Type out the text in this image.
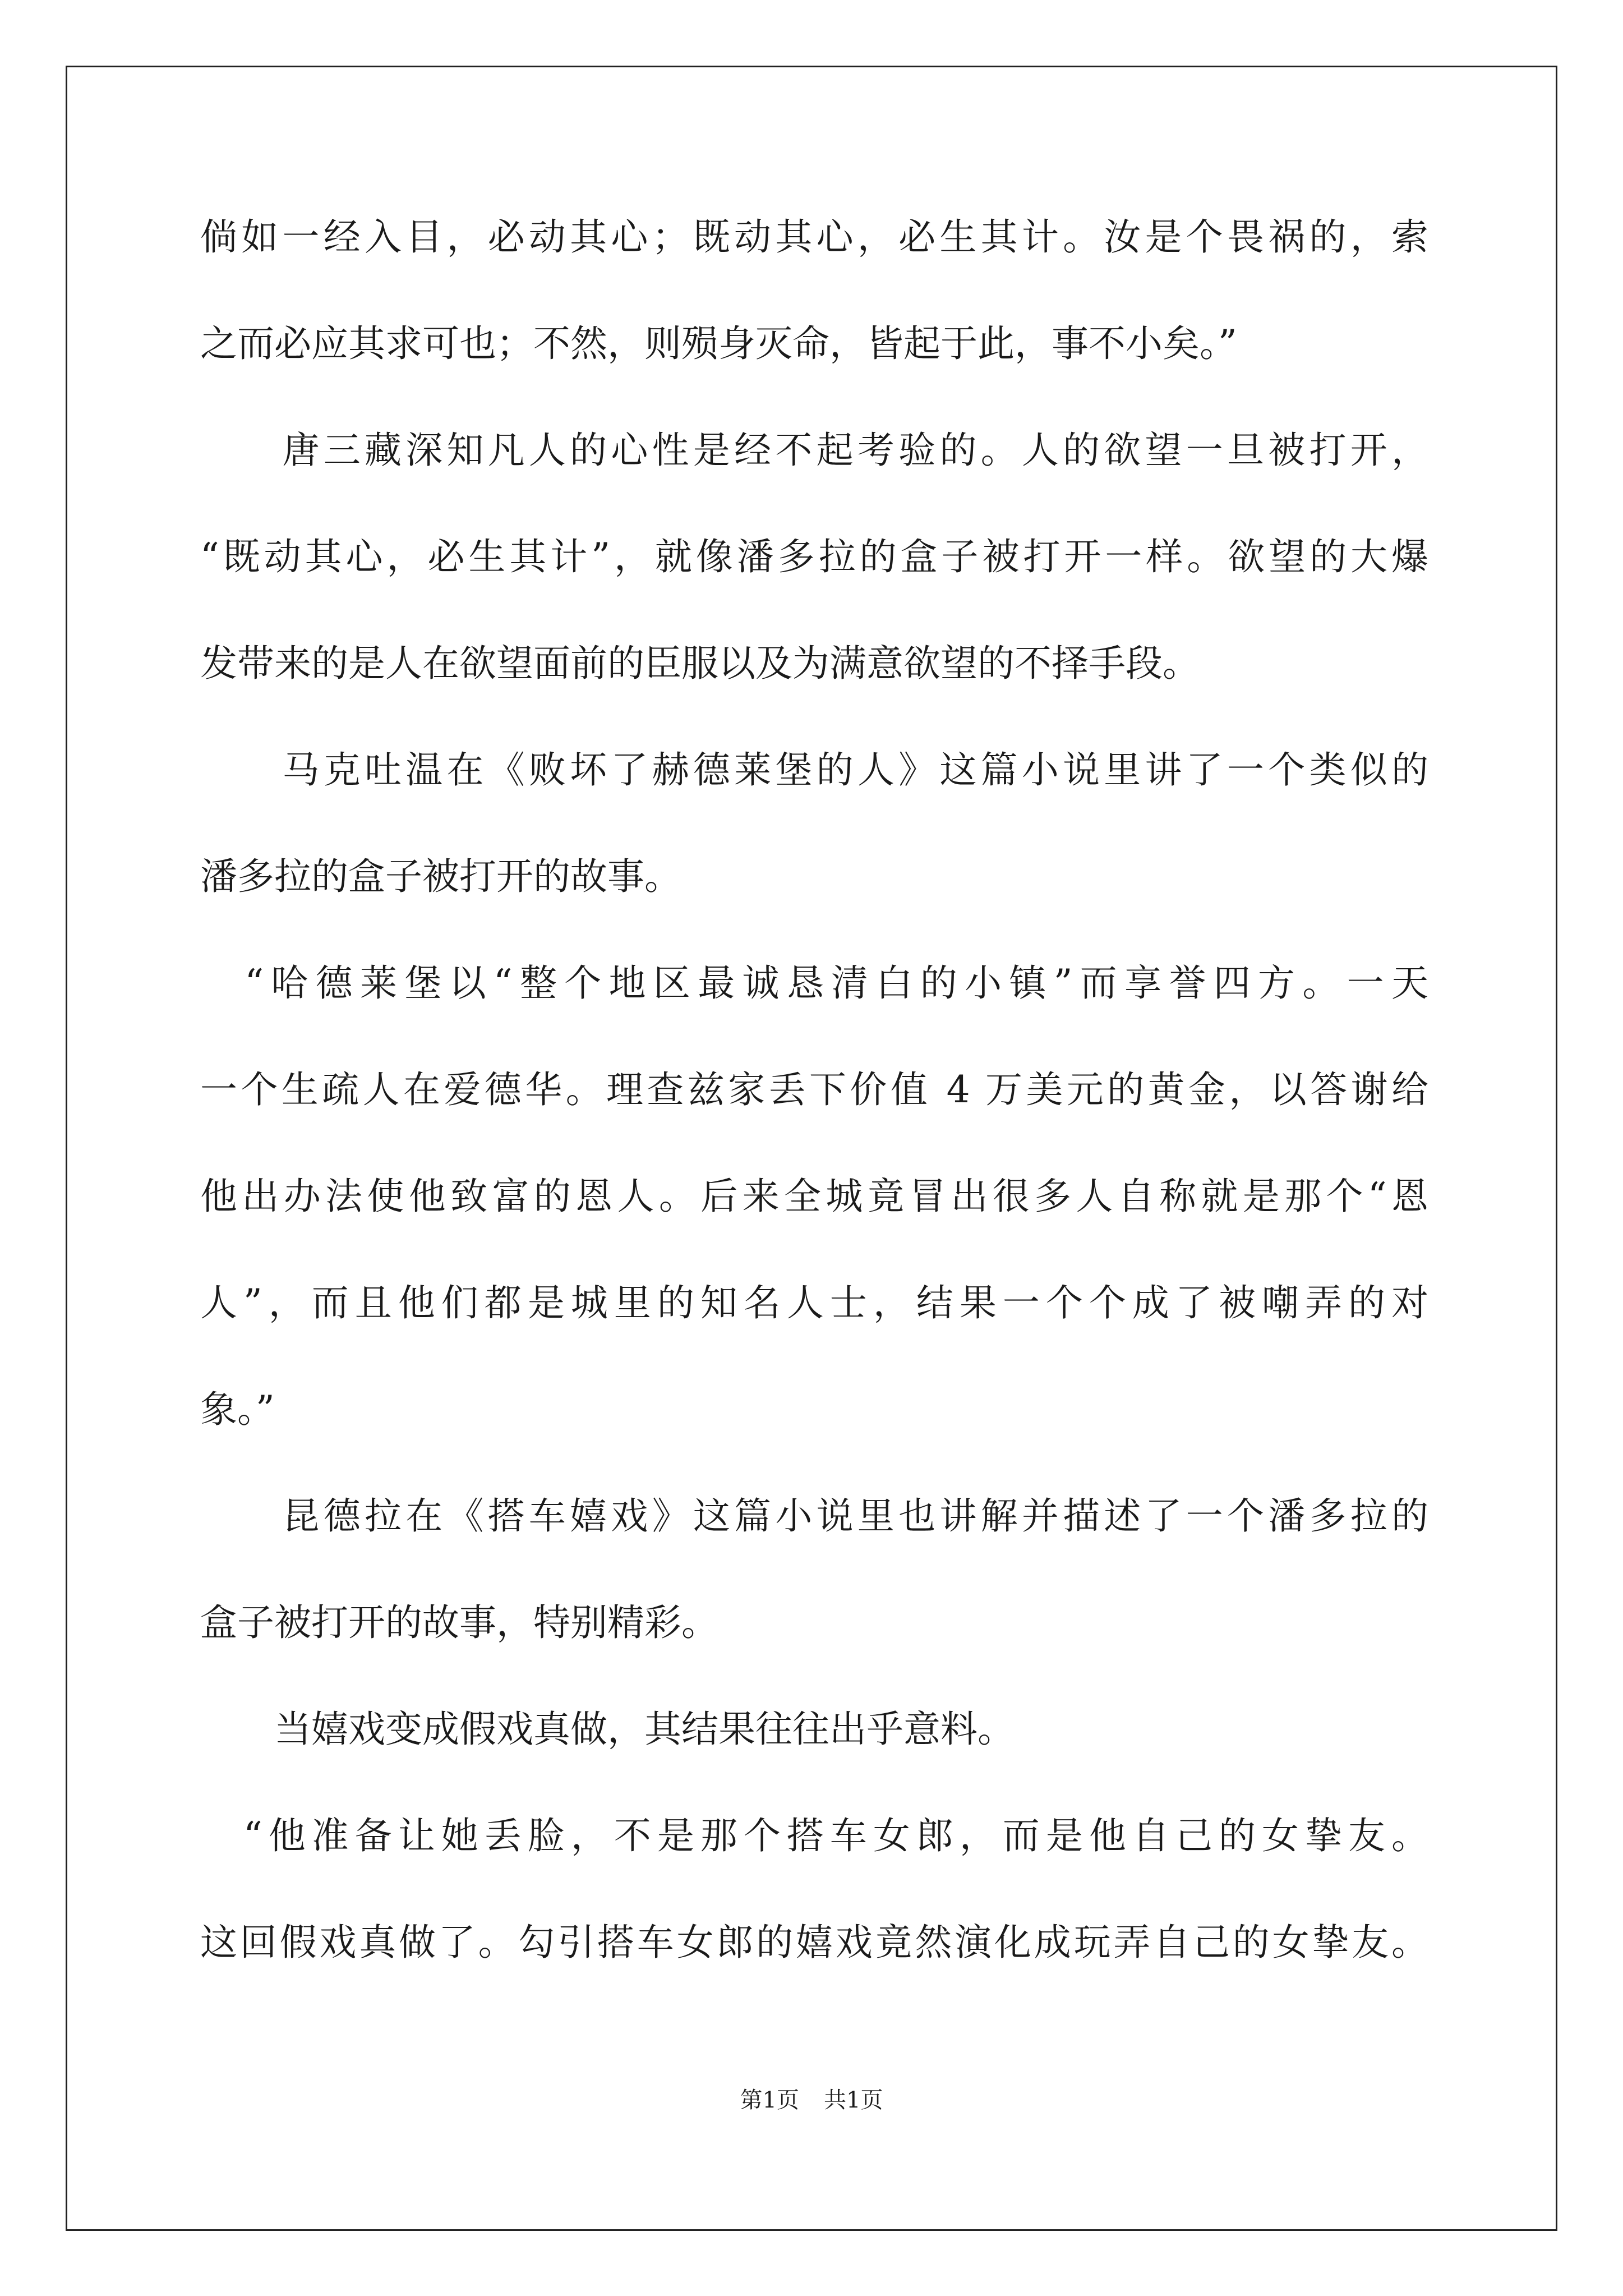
倘如一经入目，必动其心；既动其心，必生其计。汝是个畏祸的，索
之而必应其求可也；不然，则殒身灭命，皆起于此，事不小矣。”
　　唐三藏深知凡人的心性是经不起考验的。人的欲望一旦被打开，
“既动其心，必生其计”，就像潘多拉的盒子被打开一样。欲望的大爆
发带来的是人在欲望面前的臣服以及为满意欲望的不择手段。
　　马克吐温在《败坏了赫德莱堡的人》这篇小说里讲了一个类似的
潘多拉的盒子被打开的故事。
　“哈德莱堡以“整个地区最诚恳清白的小镇”而享誉四方。一天
一个生疏人在爱德华。理查兹家丢下价值 4 万美元的黄金，以答谢给
他出办法使他致富的恩人。后来全城竟冒出很多人自称就是那个“恩
人”，而且他们都是城里的知名人士，结果一个个成了被嘲弄的对
象。”
　　昆德拉在《搭车嬉戏》这篇小说里也讲解并描述了一个潘多拉的
盒子被打开的故事，特别精彩。
　　当嬉戏变成假戏真做，其结果往往出乎意料。
　“他准备让她丢脸，不是那个搭车女郎，而是他自己的女挚友。
这回假戏真做了。勾引搭车女郎的嬉戏竟然演化成玩弄自己的女挚友。
第1页 共1页
